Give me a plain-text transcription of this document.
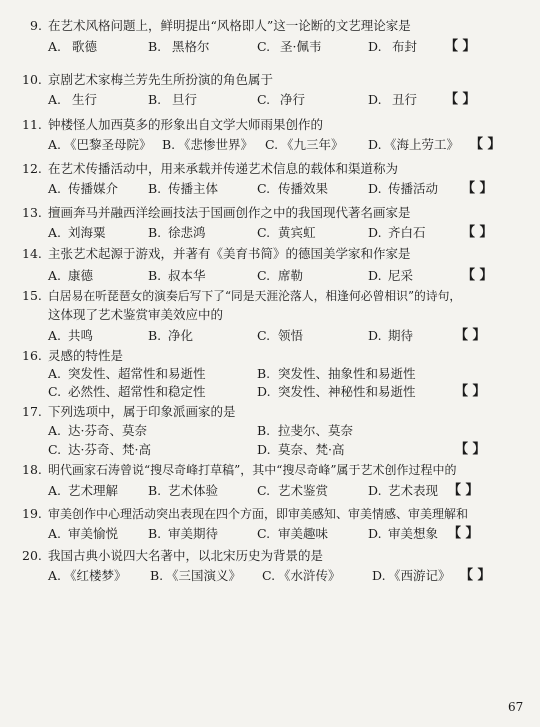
9. 在艺术风格问题上，鲜明提出“风格即人”这一论断的文艺理论家是
A. 歌德	B. 黑格尔	C. 圣·佩韦	D. 布封 【 】
10. 京剧艺术家梅兰芳先生所扮演的角色属于
A. 生行	B. 旦行	C. 净行	D. 丑行 【 】
11. 钟楼怪人加西莫多的形象出自文学大师雨果创作的
A. 《巴黎圣母院》 B. 《悲惨世界》 C. 《九三年》 D. 《海上劳工》 【 】
12. 在艺术传播活动中，用来承载并传递艺术信息的载体和渠道称为
A. 传播媒介 B. 传播主体	C. 传播效果	D. 传播活动 【 】
13. 擅画奔马并融西洋绘画技法于国画创作之中的我国现代著名画家是
A. 刘海粟	B. 徐悲鸿	C. 黄宾虹	D. 齐白石	【 】
14. 主张艺术起源于游戏，并著有《美育书简》的德国美学家和作家是
A. 康德	B. 叔本华	C. 席勒	D. 尼采	【 】
15. 白居易在听琵琶女的演奏后写下了“同是天涯沦落人，相逢何必曾相识”的诗句，
这体现了艺术鉴赏审美效应中的
A. 共鸣	B. 净化	C. 领悟	D. 期待	【 】
16. 灵感的特性是
A. 突发性、超常性和易逝性	B. 突发性、抽象性和易逝性
C. 必然性、超常性和稳定性	D. 突发性、神秘性和易逝性	【 】
17. 下列选项中，属于印象派画家的是
A. 达·芬奇、莫奈	B. 拉斐尔、莫奈
C. 达·芬奇、梵·高	D. 莫奈、梵·高	【 】
18. 明代画家石涛曾说“搜尽奇峰打草稿”，其中“搜尽奇峰”属于艺术创作过程中的
A. 艺术理解 B. 艺术体验	C. 艺术鉴赏	D. 艺术表现 【 】
19. 审美创作中心理活动突出表现在四个方面，即审美感知、审美情感、审美理解和
A. 审美愉悦 B. 审美期待	C. 审美趣味	D. 审美想象 【 】
20. 我国古典小说四大名著中，以北宋历史为背景的是
A. 《红楼梦》 B. 《三国演义》 C. 《水浒传》	D. 《西游记》 【 】
67
